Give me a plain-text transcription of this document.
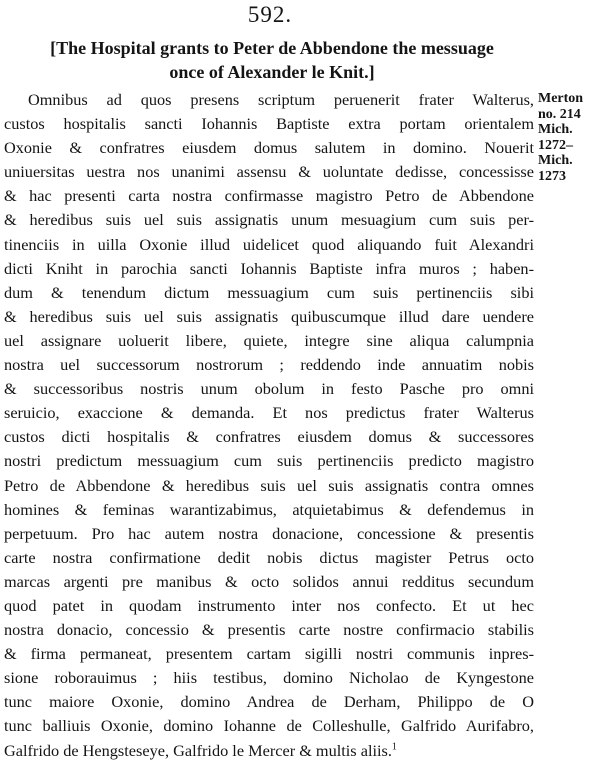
592.
[The Hospital grants to Peter de Abbendone the messuage
once of Alexander le Knit.]
Merton
no. 214
Mich.
1272–
Mich.
1273
Omnibus ad quos presens scriptum peruenerit frater Walterus,
custos hospitalis sancti Iohannis Baptiste extra portam orientalem
Oxonie & confratres eiusdem domus salutem in domino. Nouerit
uniuersitas uestra nos unanimi assensu & uoluntate dedisse, concessisse
& hac presenti carta nostra confirmasse magistro Petro de Abbendone
& heredibus suis uel suis assignatis unum mesuagium cum suis per-
tinenciis in uilla Oxonie illud uidelicet quod aliquando fuit Alexandri
dicti Kniht in parochia sancti Iohannis Baptiste infra muros ; haben-
dum & tenendum dictum messuagium cum suis pertinenciis sibi
& heredibus suis uel suis assignatis quibuscumque illud dare uendere
uel assignare uoluerit libere, quiete, integre sine aliqua calumpnia
nostra uel successorum nostrorum ; reddendo inde annuatim nobis
& successoribus nostris unum obolum in festo Pasche pro omni
seruicio, exaccione & demanda. Et nos predictus frater Walterus
custos dicti hospitalis & confratres eiusdem domus & successores
nostri predictum messuagium cum suis pertinenciis predicto magistro
Petro de Abbendone & heredibus suis uel suis assignatis contra omnes
homines & feminas warantizabimus, atquietabimus & defendemus in
perpetuum. Pro hac autem nostra donacione, concessione & presentis
carte nostra confirmatione dedit nobis dictus magister Petrus octo
marcas argenti pre manibus & octo solidos annui redditus secundum
quod patet in quodam instrumento inter nos confecto. Et ut hec
nostra donacio, concessio & presentis carte nostre confirmacio stabilis
& firma permaneat, presentem cartam sigilli nostri communis inpres-
sione roborauimus ; hiis testibus, domino Nicholao de Kyngestone
tunc maiore Oxonie, domino Andrea de Derham, Philippo de O
tunc balliuis Oxonie, domino Iohanne de Colleshulle, Galfrido Aurifabro,
Galfrido de Hengsteseye, Galfrido le Mercer & multis aliis.$^1$
